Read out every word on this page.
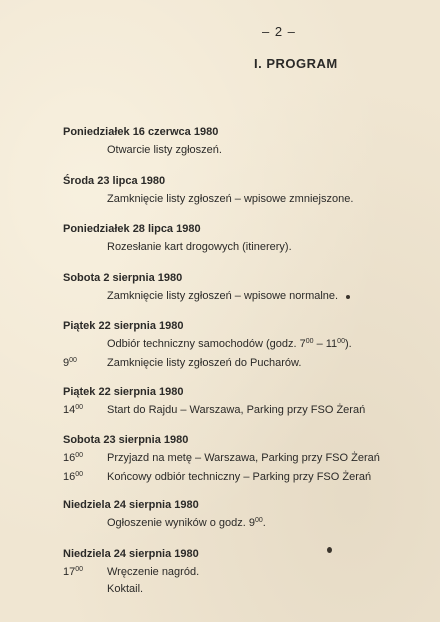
– 2 –
I. PROGRAM
Poniedziałek 16 czerwca 1980
Otwarcie listy zgłoszeń.
Środa 23 lipca 1980
Zamknięcie listy zgłoszeń – wpisowe zmniejszone.
Poniedziałek 28 lipca 1980
Rozesłanie kart drogowych (itinerery).
Sobota 2 sierpnia 1980
Zamknięcie listy zgłoszeń – wpisowe normalne.
Piątek 22 sierpnia 1980
Odbiór techniczny samochodów (godz. $7^{00} - 11^{00}$).
$9^{00}$	Zamknięcie listy zgłoszeń do Pucharów.
Piątek 22 sierpnia 1980
$14^{00}$	Start do Rajdu – Warszawa, Parking przy FSO Żerań
Sobota 23 sierpnia 1980
$16^{00}$	Przyjazd na metę – Warszawa, Parking przy FSO Żerań
$16^{00}$	Końcowy odbiór techniczny – Parking przy FSO Żerań
Niedziela 24 sierpnia 1980
Ogłoszenie wyników o godz. $9^{00}$.
Niedziela 24 sierpnia 1980
$17^{00}$	Wręczenie nagród.
Koktail.
